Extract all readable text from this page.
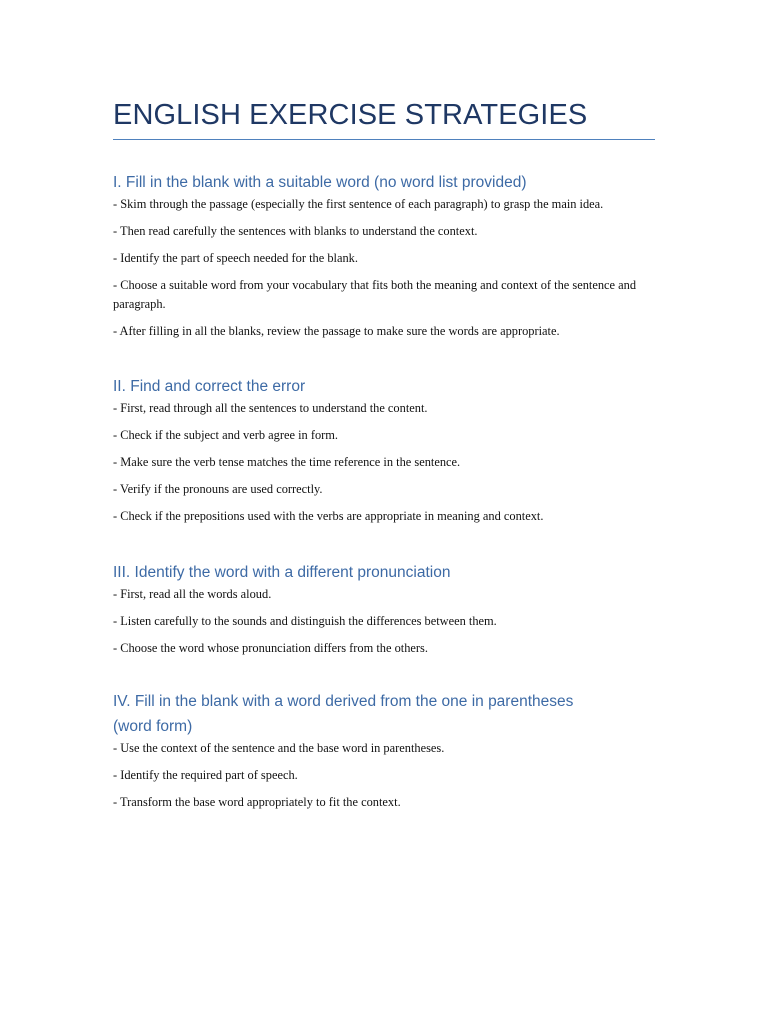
ENGLISH EXERCISE STRATEGIES
I. Fill in the blank with a suitable word (no word list provided)
- Skim through the passage (especially the first sentence of each paragraph) to grasp the main idea.
- Then read carefully the sentences with blanks to understand the context.
- Identify the part of speech needed for the blank.
- Choose a suitable word from your vocabulary that fits both the meaning and context of the sentence and paragraph.
- After filling in all the blanks, review the passage to make sure the words are appropriate.
II. Find and correct the error
- First, read through all the sentences to understand the content.
- Check if the subject and verb agree in form.
- Make sure the verb tense matches the time reference in the sentence.
- Verify if the pronouns are used correctly.
- Check if the prepositions used with the verbs are appropriate in meaning and context.
III. Identify the word with a different pronunciation
- First, read all the words aloud.
- Listen carefully to the sounds and distinguish the differences between them.
- Choose the word whose pronunciation differs from the others.
IV. Fill in the blank with a word derived from the one in parentheses
(word form)
- Use the context of the sentence and the base word in parentheses.
- Identify the required part of speech.
- Transform the base word appropriately to fit the context.
